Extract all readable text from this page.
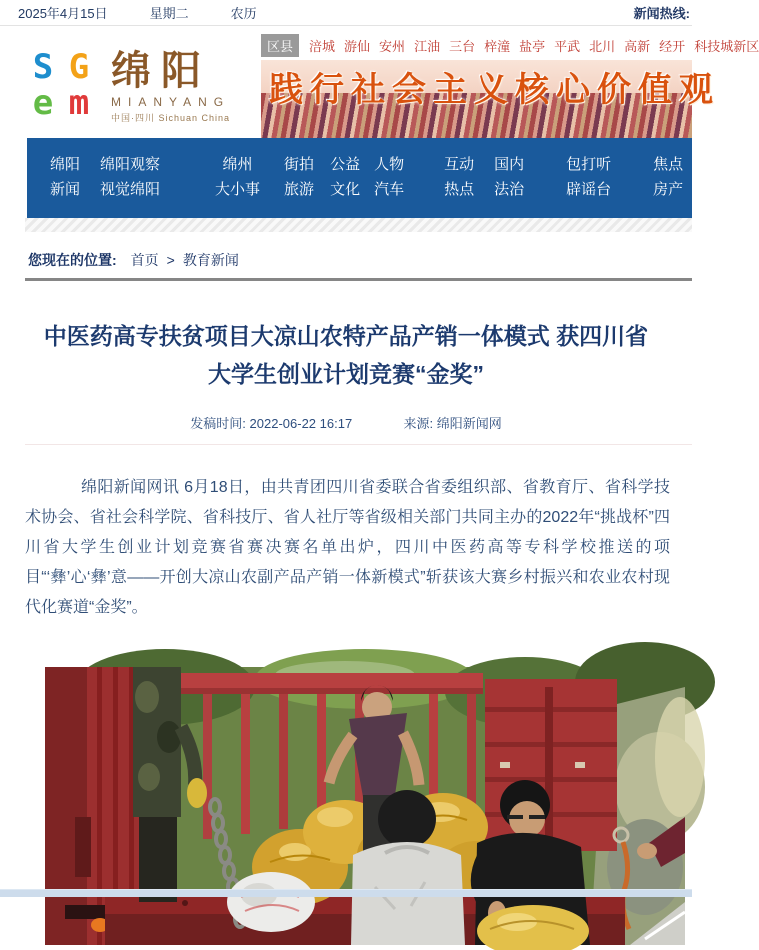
2025年4月15日	星期二	农历	新闻热线:
S G
e m
绵阳
MIANYANG
中国·四川 Sichuan China
区县	涪城 游仙 安州 江油 三台 梓潼 盐亭 平武 北川 高新 经开 科技城新区
践行社会主义核心价值观
绵阳
新闻
绵阳观察
视觉绵阳
绵州
大小事
街拍
旅游
公益
文化
人物
汽车
互动
热点
国内
法治
包打听
辟谣台
焦点
房产
您现在的位置: 首页 > 教育新闻
中医药高专扶贫项目大凉山农特产品产销一体模式 获四川省大学生创业计划竞赛“金奖”
发稿时间: 2022-06-22 16:17	来源: 绵阳新闻网

绵阳新闻网讯 6月18日，由共青团四川省委联合省委组织部、省教育厅、省科学技术协会、省社会科学院、省科技厅、省人社厅等省级相关部门共同主办的2022年“挑战杯”四川省大学生创业计划竞赛省赛决赛名单出炉，四川中医药高等专科学校推送的项目“‘彝’心‘彝’意——开创大凉山农副产品产销一体新模式”斩获该大赛乡村振兴和农业农村现代化赛道“金奖”。
